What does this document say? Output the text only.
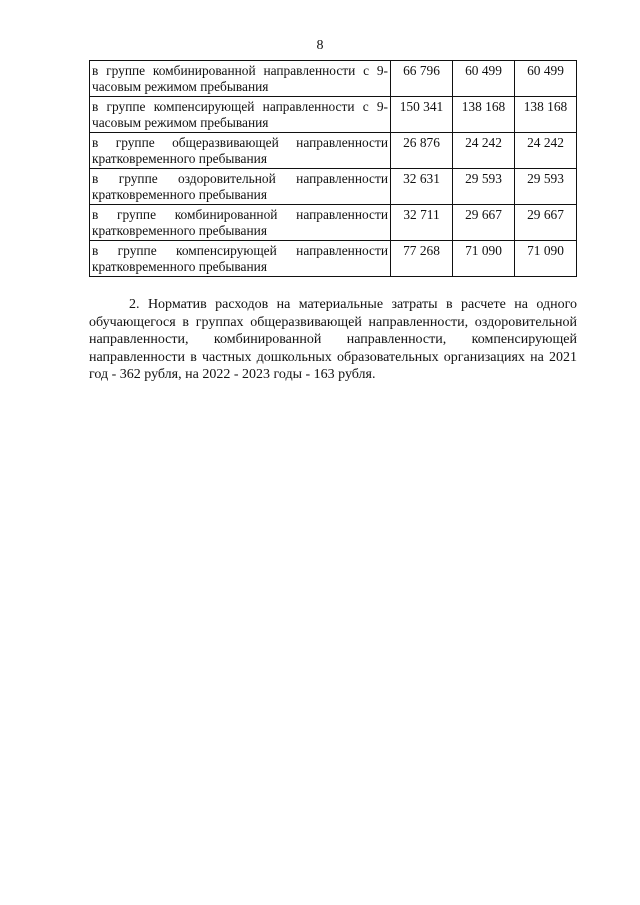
8
в группе комбинированной направленности с 9-часовым режимом пребывания	66 796	60 499	60 499
в группе компенсирующей направленности с 9-часовым режимом пребывания	150 341	138 168	138 168
в группе общеразвивающей направленности кратковременного пребывания	26 876	24 242	24 242
в группе оздоровительной направленности кратковременного пребывания	32 631	29 593	29 593
в группе комбинированной направленности кратковременного пребывания	32 711	29 667	29 667
в группе компенсирующей направленности кратковременного пребывания	77 268	71 090	71 090

2. Норматив расходов на материальные затраты в расчете на одного обучающегося в группах общеразвивающей направленности, оздоровительной направленности, комбинированной направленности, компенсирующей направленности в частных дошкольных образовательных организациях на 2021 год - 362 рубля, на 2022 - 2023 годы - 163 рубля.
